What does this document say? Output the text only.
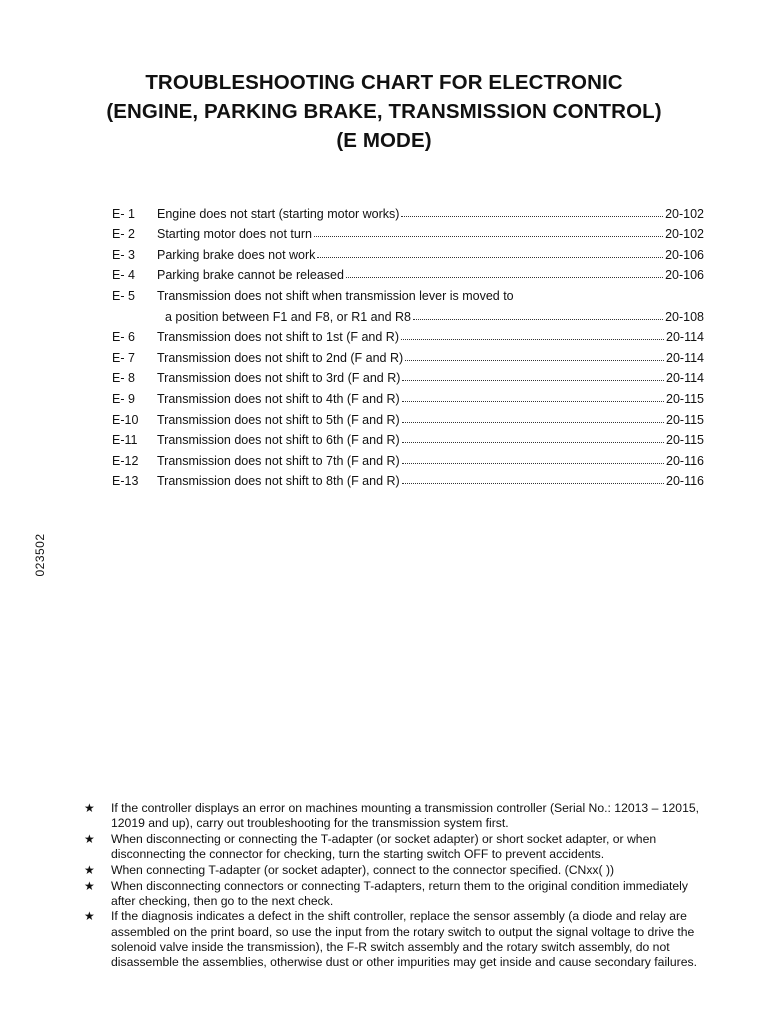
TROUBLESHOOTING CHART FOR ELECTRONIC
(ENGINE, PARKING BRAKE, TRANSMISSION CONTROL)
(E MODE)
E- 1	Engine does not start (starting motor works)	20-102
E- 2	Starting motor does not turn	20-102
E- 3	Parking brake does not work	20-106
E- 4	Parking brake cannot be released	20-106
E- 5	Transmission does not shift when transmission lever is moved to
a position between F1 and F8, or R1 and R8	20-108
E- 6	Transmission does not shift to 1st (F and R)	20-114
E- 7	Transmission does not shift to 2nd (F and R)	20-114
E- 8	Transmission does not shift to 3rd (F and R)	20-114
E- 9	Transmission does not shift to 4th (F and R)	20-115
E-10	Transmission does not shift to 5th (F and R)	20-115
E-11	Transmission does not shift to 6th (F and R)	20-115
E-12	Transmission does not shift to 7th (F and R)	20-116
E-13	Transmission does not shift to 8th (F and R)	20-116
023502
★	If the controller displays an error on machines mounting a transmission controller (Serial No.: 12013 – 12015, 12019 and up), carry out troubleshooting for the transmission system first.
★	When disconnecting or connecting the T-adapter (or socket adapter) or short socket adapter, or when disconnecting the connector for checking, turn the starting switch OFF to prevent accidents.
★	When connecting T-adapter (or socket adapter), connect to the connector specified. (CNxx( ))
★	When disconnecting connectors or connecting T-adapters, return them to the original condition immediately after checking, then go to the next check.
★	If the diagnosis indicates a defect in the shift controller, replace the sensor assembly (a diode and relay are assembled on the print board, so use the input from the rotary switch to output the signal voltage to drive the solenoid valve inside the transmission), the F-R switch assembly and the rotary switch assembly, do not disassemble the assemblies, otherwise dust or other impurities may get inside and cause secondary failures.
